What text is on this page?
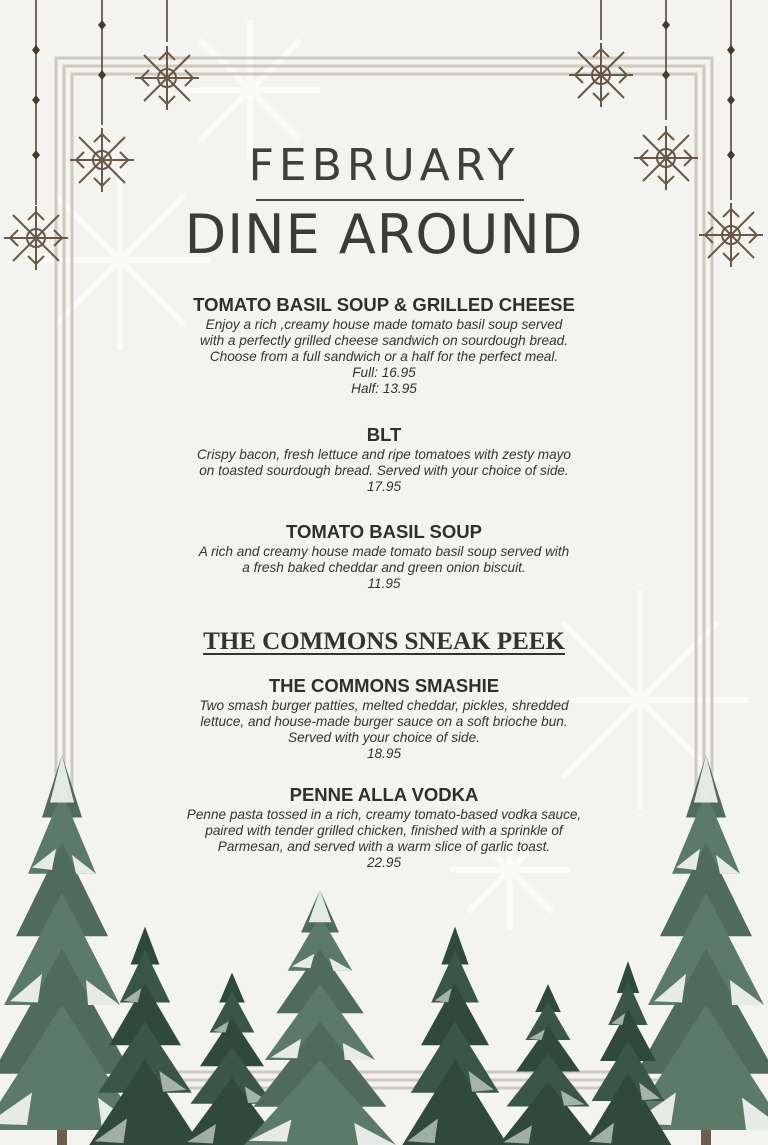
FEBRUARY
DINE AROUND

TOMATO BASIL SOUP & GRILLED CHEESE

Enjoy a rich ,creamy house made tomato basil soup served

with a perfectly grilled cheese sandwich on sourdough bread.

Choose from a full sandwich or a half for the perfect meal.

Full: 16.95

Half: 13.95

BLT

Crispy bacon, fresh lettuce and ripe tomatoes with zesty mayo

on toasted sourdough bread. Served with your choice of side.

17.95

TOMATO BASIL SOUP

A rich and creamy house made tomato basil soup served with

a fresh baked cheddar and green onion biscuit.

11.95

THE COMMONS SNEAK PEEK

THE COMMONS SMASHIE

Two smash burger patties, melted cheddar, pickles, shredded

lettuce, and house-made burger sauce on a soft brioche bun.

Served with your choice of side.

18.95

PENNE ALLA VODKA

Penne pasta tossed in a rich, creamy tomato-based vodka sauce,

paired with tender grilled chicken, finished with a sprinkle of

Parmesan, and served with a warm slice of garlic toast.

22.95
